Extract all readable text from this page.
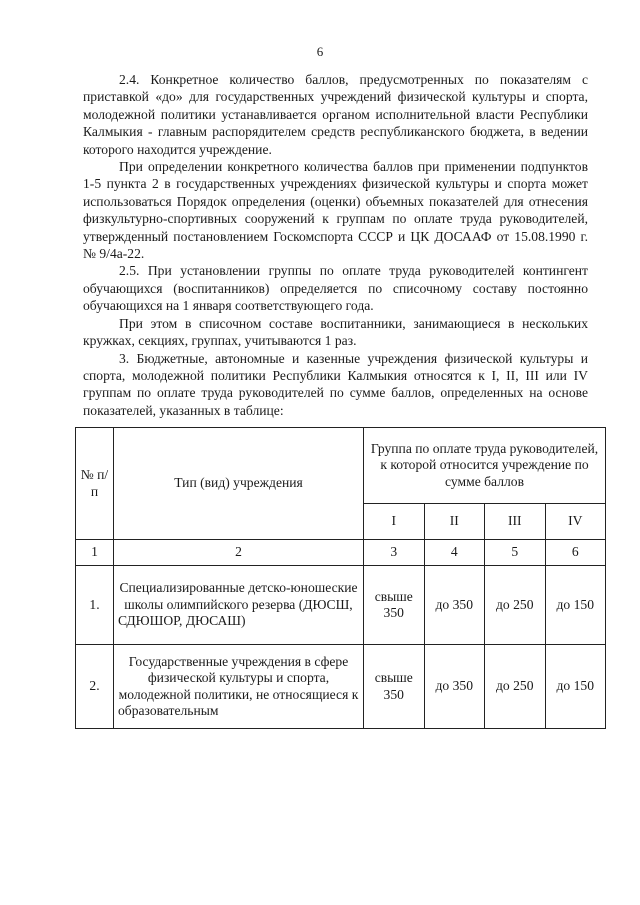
6

2.4. Конкретное количество баллов, предусмотренных по показателям с приставкой «до» для государственных учреждений физической культуры и спорта, молодежной политики устанавливается органом исполнительной власти Республики Калмыкия - главным распорядителем средств республиканского бюджета, в ведении которого находится учреждение.

При определении конкретного количества баллов при применении подпунктов 1-5 пункта 2 в государственных учреждениях физической культуры и спорта может использоваться Порядок определения (оценки) объемных показателей для отнесения физкультурно-спортивных сооружений к группам по оплате труда руководителей, утвержденный постановлением Госкомспорта СССР и ЦК ДОСААФ от 15.08.1990 г. № 9/4а-22.

2.5. При установлении группы по оплате труда руководителей контингент обучающихся (воспитанников) определяется по списочному составу постоянно обучающихся на 1 января соответствующего года.

При этом в списочном составе воспитанники, занимающиеся в нескольких кружках, секциях, группах, учитываются 1 раз.

3. Бюджетные, автономные и казенные учреждения физической культуры и спорта, молодежной политики Республики Калмыкия относятся к I, II, III или IV группам по оплате труда руководителей по сумме баллов, определенных на основе показателей, указанных в таблице:

№ п/п	Тип (вид) учреждения	Группа по оплате труда руководителей, к которой относится учреждение по сумме баллов			
		I	II	III	IV
1	2	3	4	5	6
1.	Специализированные детско-юношеские школы олимпийского резерва (ДЮСШ, СДЮШОР, ДЮСАШ)	свыше 350	до 350	до 250	до 150
2.	Государственные учреждения в сфере физической культуры и спорта, молодежной политики, не относящиеся к образовательным	свыше 350	до 350	до 250	до 150
